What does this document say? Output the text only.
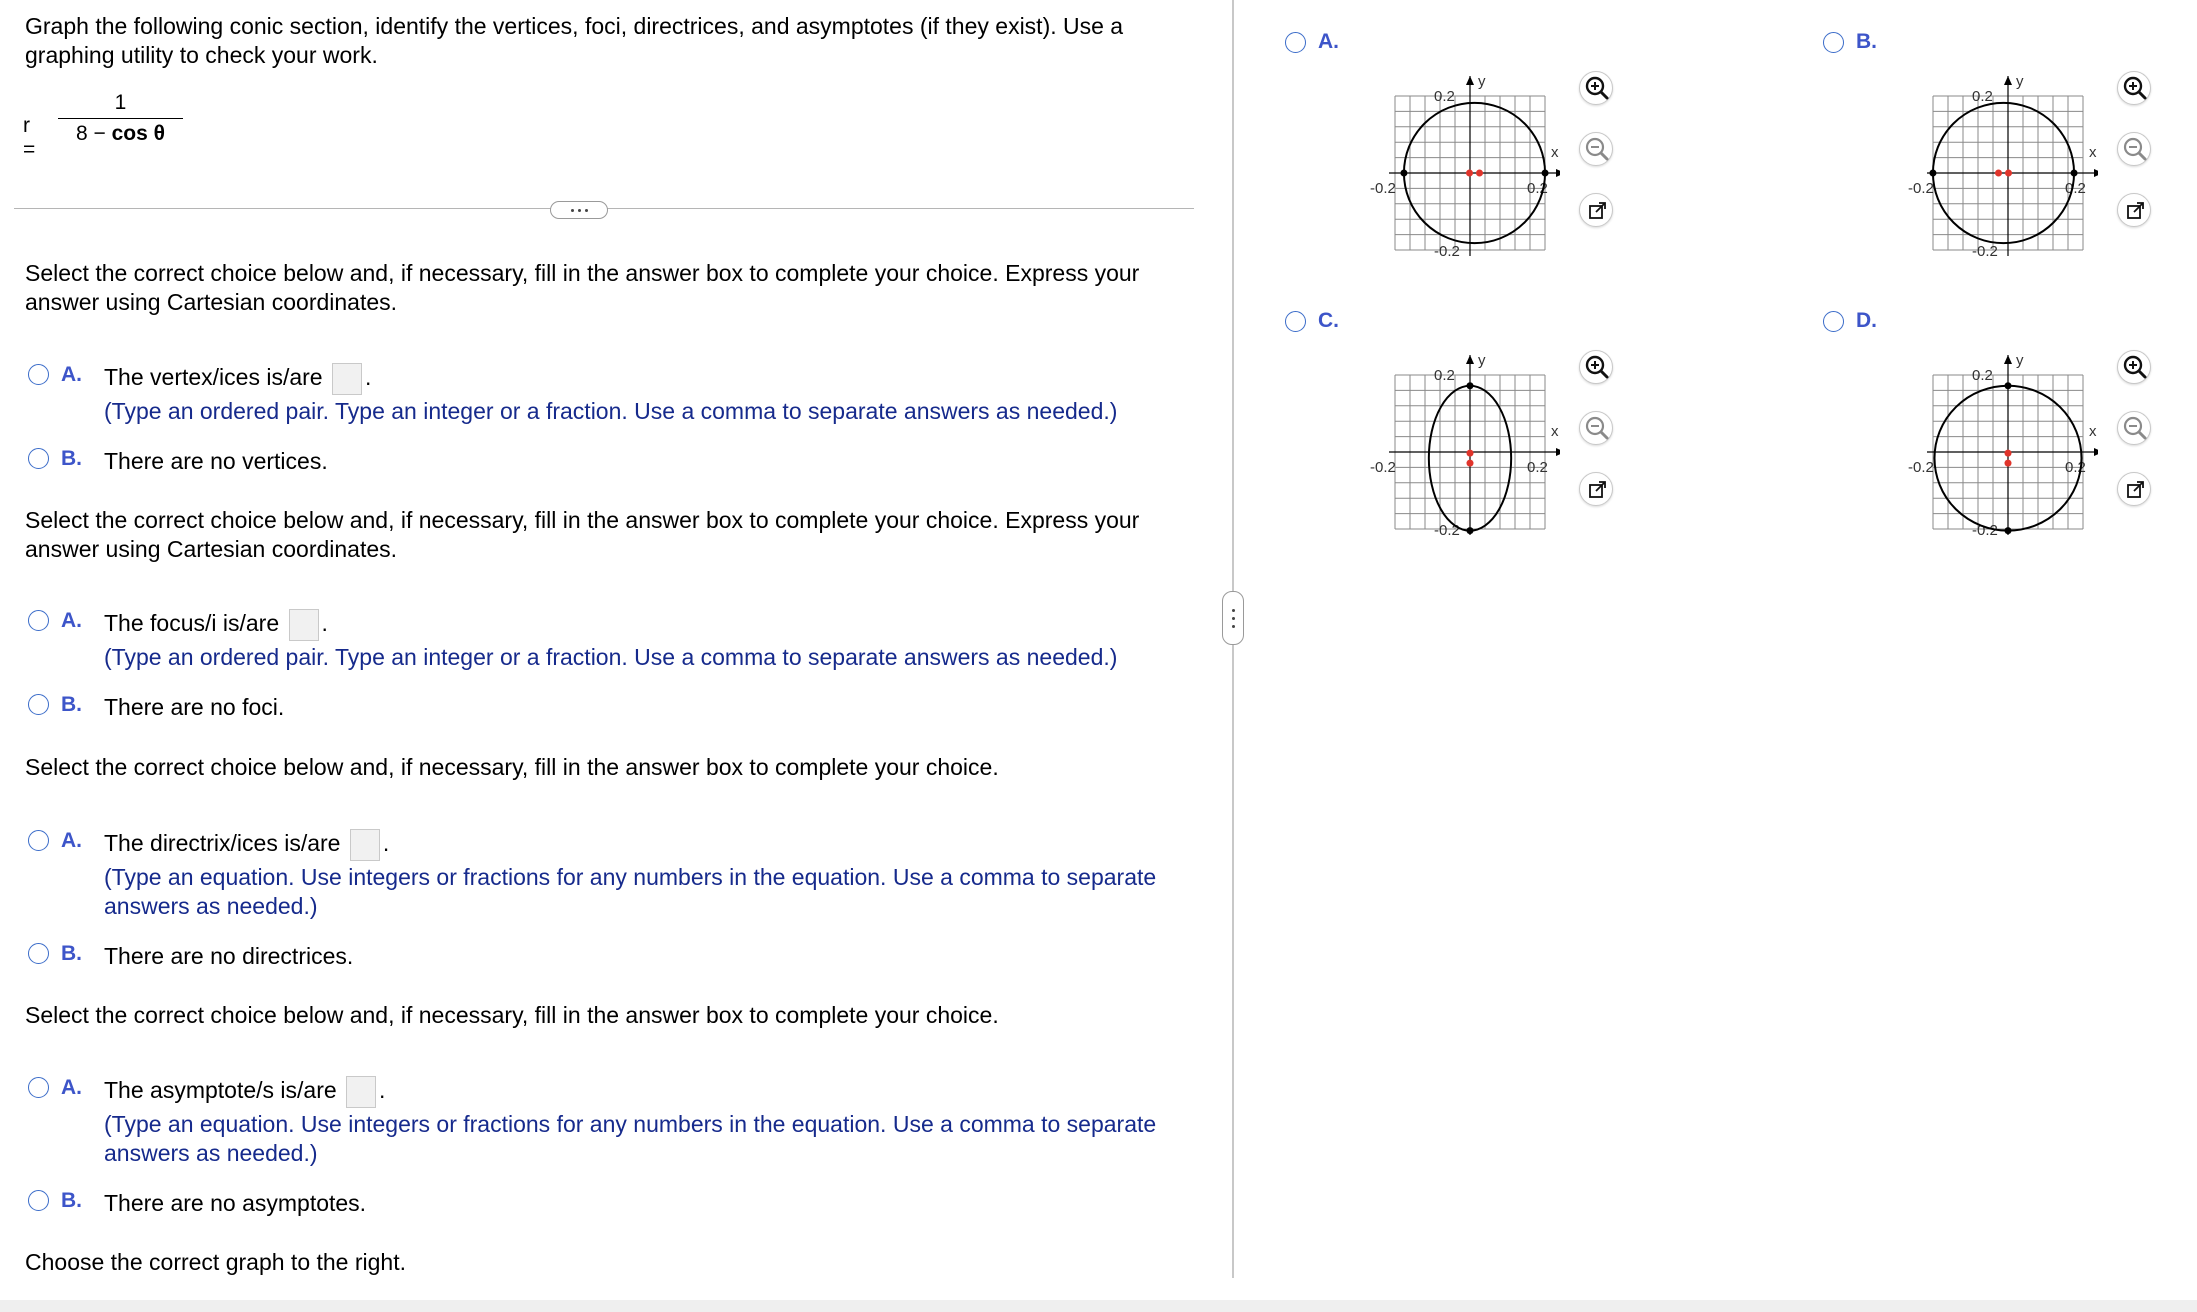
Graph the following conic section, identify the vertices, foci, directrices, and asymptotes (if they exist). Use a graphing utility to check your work.
r =
1
8 − cos θ
Select the correct choice below and, if necessary, fill in the answer box to complete your choice. Express your answer using Cartesian coordinates.
A. The vertex/ices is/are .
(Type an ordered pair. Type an integer or a fraction. Use a comma to separate answers as needed.)
B. There are no vertices.
Select the correct choice below and, if necessary, fill in the answer box to complete your choice. Express your answer using Cartesian coordinates.
A. The focus/i is/are .
(Type an ordered pair. Type an integer or a fraction. Use a comma to separate answers as needed.)
B. There are no foci.
Select the correct choice below and, if necessary, fill in the answer box to complete your choice.
A. The directrix/ices is/are .
(Type an equation. Use integers or fractions for any numbers in the equation. Use a comma to separate answers as needed.)
B. There are no directrices.
Select the correct choice below and, if necessary, fill in the answer box to complete your choice.
A. The asymptote/s is/are .
(Type an equation. Use integers or fractions for any numbers in the equation. Use a comma to separate answers as needed.)
B. There are no asymptotes.
Choose the correct graph to the right.
A.
0.2
-0.2
-0.2	0.2
x
y
B.
0.2
-0.2
-0.2	0.2
x
y
C.
0.2
-0.2
-0.2	0.2
x
y
D.
0.2
-0.2
-0.2	0.2
x
y
